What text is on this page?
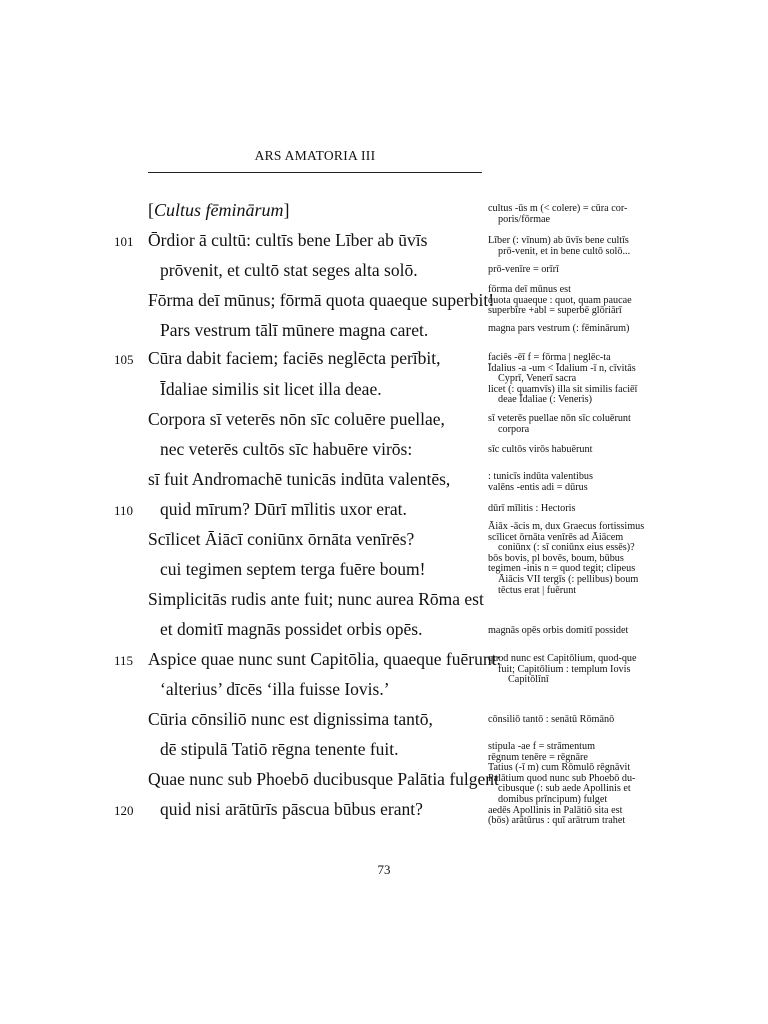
ARS AMATORIA III
[Cultus fēminārum]
101 Ōrdior ā cultū: cultīs bene Līber ab ūvīs
prōvenit, et cultō stat seges alta solō.
Fōrma deī mūnus; fōrmā quota quaeque superbit!
Pars vestrum tālī mūnere magna caret.
105 Cūra dabit faciem; faciēs neglēcta perībit,
Īdaliae similis sit licet illa deae.
Corpora sī veterēs nōn sīc coluēre puellae,
nec veterēs cultōs sīc habuēre virōs:
sī fuit Andromachē tunicās indūta valentēs,
110 quid mīrum? Dūrī mīlitis uxor erat.
Scīlicet Āiācī coniūnx ōrnāta venīrēs?
cui tegimen septem terga fuēre boum!
Simplicitās rudis ante fuit; nunc aurea Rōma est
et domitī magnās possidet orbis opēs.
115 Aspice quae nunc sunt Capitōlia, quaeque fuērunt:
‘alterius’ dīcēs ‘illa fuisse Iovis.’
Cūria cōnsiliō nunc est dignissima tantō,
dē stipulā Tatiō rēgna tenente fuit.
Quae nunc sub Phoebō ducibusque Palātia fulgent
120 quid nisi arātūrīs pāscua būbus erant?
cultus -ūs m (< colere) = cūra cor-
poris/fōrmae
Līber (: vīnum) ab ūvīs bene cultīs
prō-venit, et in bene cultō solō...
prō-venīre = orīrī
fōrma deī mūnus est
quota quaeque : quot, quam paucae
superbīre +abl = superbē glōriārī
magna pars vestrum (: fēminārum)
faciēs -ēī f = fōrma | neglēc-ta
Īdalius -a -um < Īdalium -ī n, cīvitās
Cyprī, Venerī sacra
licet (: quamvīs) illa sit similis faciēī
deae Īdaliae (: Veneris)
sī veterēs puellae nōn sīc coluērunt
corpora
sīc cultōs virōs habuērunt
: tunicīs indūta valentibus
valēns -entis adi = dūrus
dūrī mīlitis : Hectoris
Āiāx -ācis m, dux Graecus fortissimus
scīlicet ōrnāta venīrēs ad Āiācem
coniūnx (: sī coniūnx eius essēs)?
bōs bovis, pl bovēs, boum, būbus
tegimen -inis n = quod tegit; clipeus
Āiācis VII tergīs (: pellibus) boum
tēctus erat | fuērunt
magnās opēs orbis domitī possidet
quod nunc est Capitōlium, quod-que
fuit; Capitōlium : templum Iovis
Capitōlīnī
cōnsiliō tantō : senātū Rōmānō
stipula -ae f = strāmentum
rēgnum tenēre = rēgnāre
Tatius (-ī m) cum Rōmulō rēgnāvit
Palātium quod nunc sub Phoebō du-
cibusque (: sub aede Apollinis et
domibus prīncipum) fulget
aedēs Apollinis in Palātiō sita est
(bōs) arātūrus : quī arātrum trahet
73
